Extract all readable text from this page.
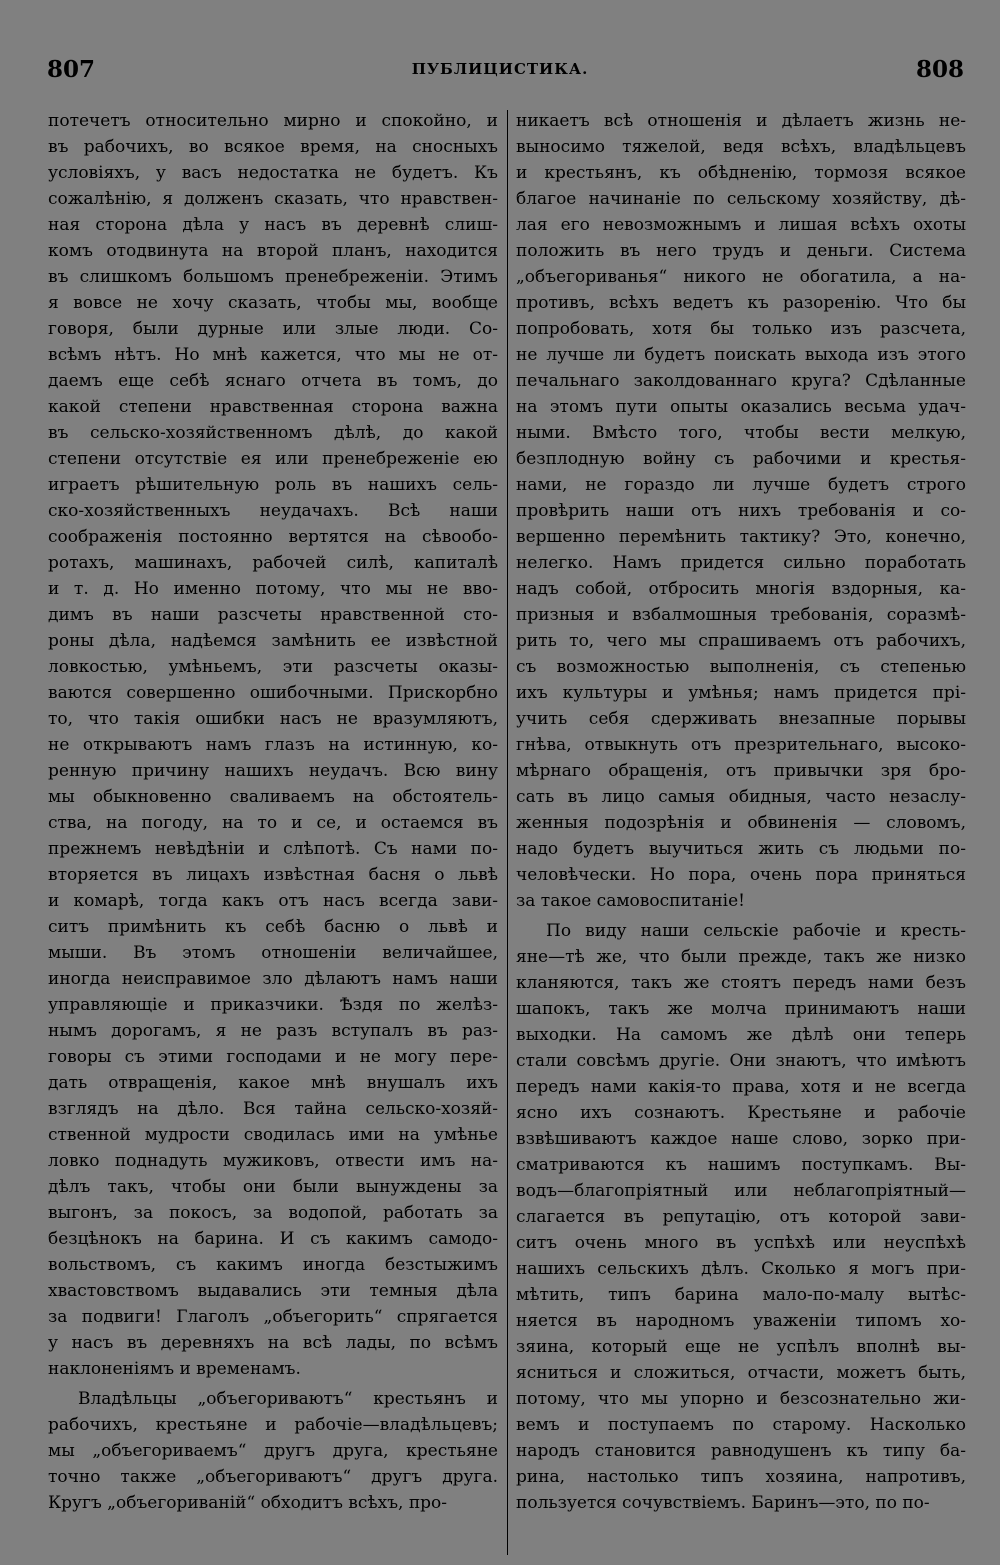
807	ПУБЛИЦИСТИКА.	808
потечетъ относительно мирно и спокойно, и
въ рабочихъ, во всякое время, на сносныхъ
условіяхъ, у васъ недостатка не будетъ. Къ
сожалѣнію, я долженъ сказать, что нравствен-
ная сторона дѣла у насъ въ деревнѣ слиш-
комъ отодвинута на второй планъ, находится
въ слишкомъ большомъ пренебреженіи. Этимъ
я вовсе не хочу сказать, чтобы мы, вообще
говоря, были дурные или злые люди. Со-
всѣмъ нѣтъ. Но мнѣ кажется, что мы не от-
даемъ еще себѣ яснаго отчета въ томъ, до
какой степени нравственная сторона важна
въ сельско-хозяйственномъ дѣлѣ, до какой
степени отсутствіе ея или пренебреженіе ею
играетъ рѣшительную роль въ нашихъ сель-
ско-хозяйственныхъ неудачахъ. Всѣ наши
соображенія постоянно вертятся на сѣвообо-
ротахъ, машинахъ, рабочей силѣ, капиталѣ
и т. д. Но именно потому, что мы не вво-
димъ въ наши разсчеты нравственной сто-
роны дѣла, надѣемся замѣнить ее извѣстной
ловкостью, умѣньемъ, эти разсчеты оказы-
ваются совершенно ошибочными. Прискорбно
то, что такія ошибки насъ не вразумляютъ,
не открываютъ намъ глазъ на истинную, ко-
ренную причину нашихъ неудачъ. Всю вину
мы обыкновенно сваливаемъ на обстоятель-
ства, на погоду, на то и се, и остаемся въ
прежнемъ невѣдѣніи и слѣпотѣ. Съ нами по-
вторяется въ лицахъ извѣстная басня о львѣ
и комарѣ, тогда какъ отъ насъ всегда зави-
ситъ примѣнить къ себѣ басню о львѣ и
мыши. Въ этомъ отношеніи величайшее,
иногда неисправимое зло дѣлаютъ намъ наши
управляющіе и приказчики. Ѣздя по желѣз-
нымъ дорогамъ, я не разъ вступалъ въ раз-
говоры съ этими господами и не могу пере-
дать отвращенія, какое мнѣ внушалъ ихъ
взглядъ на дѣло. Вся тайна сельско-хозяй-
ственной мудрости сводилась ими на умѣнье
ловко поднадуть мужиковъ, отвести имъ на-
дѣлъ такъ, чтобы они были вынуждены за
выгонъ, за покосъ, за водопой, работать за
безцѣнокъ на барина. И съ какимъ самодо-
вольствомъ, съ какимъ иногда безстыжимъ
хвастовствомъ выдавались эти темныя дѣла
за подвиги! Глаголъ „объегорить“ спрягается
у насъ въ деревняхъ на всѣ лады, по всѣмъ
наклоненіямъ и временамъ.
Владѣльцы „объегориваютъ“ крестьянъ и
рабочихъ, крестьяне и рабочіе—владѣльцевъ;
мы „объегориваемъ“ другъ друга, крестьяне
точно также „объегориваютъ“ другъ друга.
Кругъ „объегориваній“ обходитъ всѣхъ, про-
никаетъ всѣ отношенія и дѣлаетъ жизнь не-
выносимо тяжелой, ведя всѣхъ, владѣльцевъ
и крестьянъ, къ обѣдненію, тормозя всякое
благое начинаніе по сельскому хозяйству, дѣ-
лая его невозможнымъ и лишая всѣхъ охоты
положить въ него трудъ и деньги. Система
„объегориванья“ никого не обогатила, а на-
противъ, всѣхъ ведетъ къ разоренію. Что бы
попробовать, хотя бы только изъ разсчета,
не лучше ли будетъ поискать выхода изъ этого
печальнаго заколдованнаго круга? Сдѣланные
на этомъ пути опыты оказались весьма удач-
ными. Вмѣсто того, чтобы вести мелкую,
безплодную войну съ рабочими и крестья-
нами, не гораздо ли лучше будетъ строго
провѣрить наши отъ нихъ требованія и со-
вершенно перемѣнить тактику? Это, конечно,
нелегко. Намъ придется сильно поработать
надъ собой, отбросить многія вздорныя, ка-
призныя и взбалмошныя требованія, соразмѣ-
рить то, чего мы спрашиваемъ отъ рабочихъ,
съ возможностью выполненія, съ степенью
ихъ культуры и умѣнья; намъ придется прі-
учить себя сдерживать внезапные порывы
гнѣва, отвыкнуть отъ презрительнаго, высоко-
мѣрнаго обращенія, отъ привычки зря бро-
сать въ лицо самыя обидныя, часто незаслу-
женныя подозрѣнія и обвиненія — словомъ,
надо будетъ выучиться жить съ людьми по-
человѣчески. Но пора, очень пора приняться
за такое самовоспитаніе!
По виду наши сельскіе рабочіе и кресть-
яне—тѣ же, что были прежде, такъ же низко
кланяются, такъ же стоятъ передъ нами безъ
шапокъ, такъ же молча принимаютъ наши
выходки. На самомъ же дѣлѣ они теперь
стали совсѣмъ другіе. Они знаютъ, что имѣютъ
передъ нами какія-то права, хотя и не всегда
ясно ихъ сознаютъ. Крестьяне и рабочіе
взвѣшиваютъ каждое наше слово, зорко при-
сматриваются къ нашимъ поступкамъ. Вы-
водъ—благопріятный или неблагопріятный—
слагается въ репутацію, отъ которой зави-
ситъ очень много въ успѣхѣ или неуспѣхѣ
нашихъ сельскихъ дѣлъ. Сколько я могъ при-
мѣтить, типъ барина мало-по-малу вытѣс-
няется въ народномъ уваженіи типомъ хо-
зяина, который еще не успѣлъ вполнѣ вы-
ясниться и сложиться, отчасти, можетъ быть,
потому, что мы упорно и безсознательно жи-
вемъ и поступаемъ по старому. Насколько
народъ становится равнодушенъ къ типу ба-
рина, настолько типъ хозяина, напротивъ,
пользуется сочувствіемъ. Баринъ—это, по по-
